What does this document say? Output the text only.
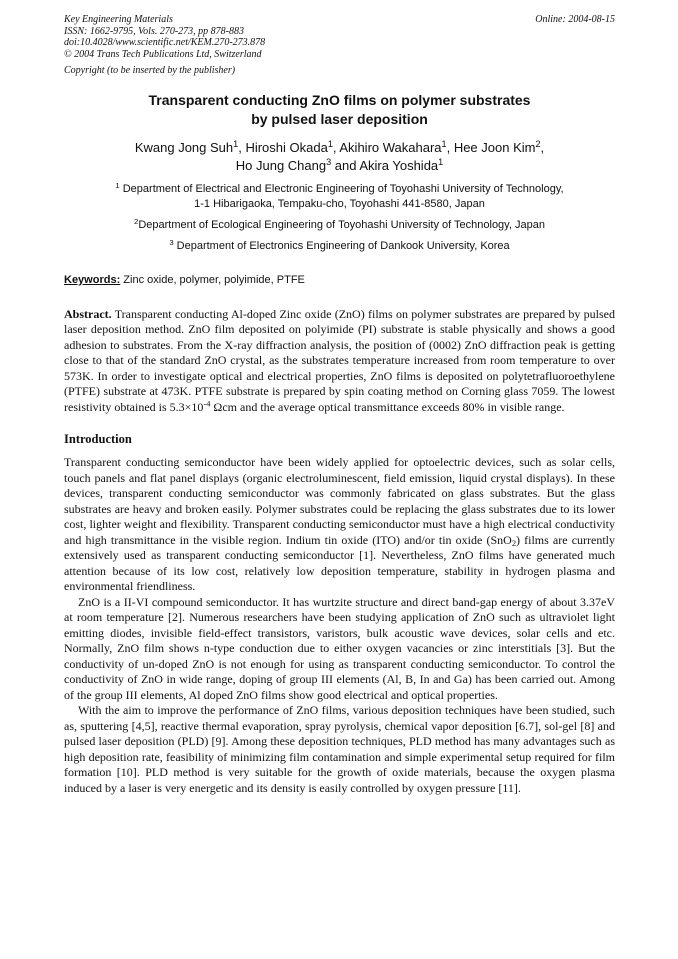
Key Engineering Materials
ISSN: 1662-9795, Vols. 270-273, pp 878-883
doi:10.4028/www.scientific.net/KEM.270-273.878
© 2004 Trans Tech Publications Ltd, Switzerland
Online: 2004-08-15
Copyright (to be inserted by the publisher)
Transparent conducting ZnO films on polymer substrates
by pulsed laser deposition
Kwang Jong Suh$^1$, Hiroshi Okada$^1$, Akihiro Wakahara$^1$, Hee Joon Kim$^2$,
Ho Jung Chang$^3$ and Akira Yoshida$^1$
$^1$ Department of Electrical and Electronic Engineering of Toyohashi University of Technology,
1-1 Hibarigaoka, Tempaku-cho, Toyohashi 441-8580, Japan
$^2$Department of Ecological Engineering of Toyohashi University of Technology, Japan
$^3$ Department of Electronics Engineering of Dankook University, Korea
Keywords: Zinc oxide, polymer, polyimide, PTFE
Abstract. Transparent conducting Al-doped Zinc oxide (ZnO) films on polymer substrates are prepared by pulsed laser deposition method. ZnO film deposited on polyimide (PI) substrate is stable physically and shows a good adhesion to substrates. From the X-ray diffraction analysis, the position of (0002) ZnO diffraction peak is getting close to that of the standard ZnO crystal, as the substrates temperature increased from room temperature to over 573K. In order to investigate optical and electrical properties, ZnO films is deposited on polytetrafluoroethylene (PTFE) substrate at 473K. PTFE substrate is prepared by spin coating method on Corning glass 7059. The lowest resistivity obtained is $5.3\times 10^{-4}$ Ωcm and the average optical transmittance exceeds 80% in visible range.
Introduction

Transparent conducting semiconductor have been widely applied for optoelectric devices, such as solar cells, touch panels and flat panel displays (organic electroluminescent, field emission, liquid crystal displays). In these devices, transparent conducting semiconductor was commonly fabricated on glass substrates. But the glass substrates are heavy and broken easily. Polymer substrates could be replacing the glass substrates due to its lower cost, lighter weight and flexibility. Transparent conducting semiconductor must have a high electrical conductivity and high transmittance in the visible region. Indium tin oxide (ITO) and/or tin oxide (SnO$_2$) films are currently extensively used as transparent conducting semiconductor [1]. Nevertheless, ZnO films have generated much attention because of its low cost, relatively low deposition temperature, stability in hydrogen plasma and environmental friendliness.

ZnO is a II-VI compound semiconductor. It has wurtzite structure and direct band-gap energy of about 3.37eV at room temperature [2]. Numerous researchers have been studying application of ZnO such as ultraviolet light emitting diodes, invisible field-effect transistors, varistors, bulk acoustic wave devices, solar cells and etc. Normally, ZnO film shows n-type conduction due to either oxygen vacancies or zinc interstitials [3]. But the conductivity of un-doped ZnO is not enough for using as transparent conducting semiconductor. To control the conductivity of ZnO in wide range, doping of group III elements (Al, B, In and Ga) has been carried out. Among of the group III elements, Al doped ZnO films show good electrical and optical properties.

With the aim to improve the performance of ZnO films, various deposition techniques have been studied, such as, sputtering [4,5], reactive thermal evaporation, spray pyrolysis, chemical vapor deposition [6.7], sol-gel [8] and pulsed laser deposition (PLD) [9]. Among these deposition techniques, PLD method has many advantages such as high deposition rate, feasibility of minimizing film contamination and simple experimental setup required for film formation [10]. PLD method is very suitable for the growth of oxide materials, because the oxygen plasma induced by a laser is very energetic and its density is easily controlled by oxygen pressure [11].
